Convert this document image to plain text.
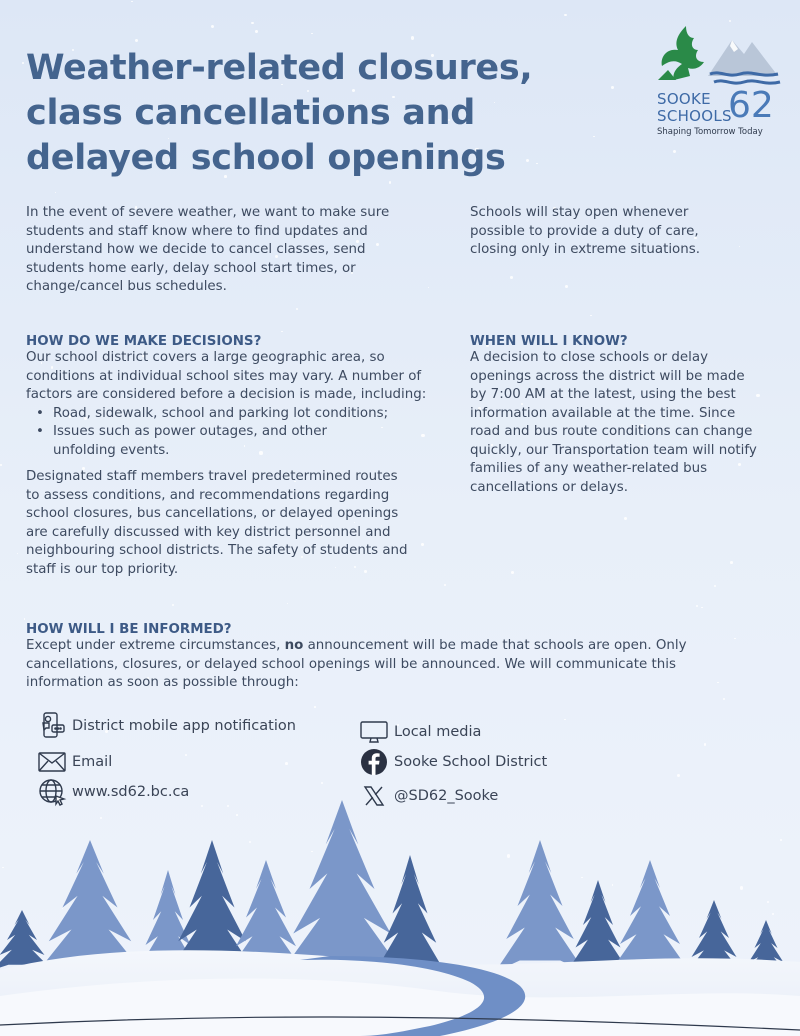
Weather-related closures, class cancellations and delayed school openings
SOOKE
SCHOOLS
62
Shaping Tomorrow Today

In the event of severe weather, we want to make sure students and staff know where to find updates and understand how we decide to cancel classes, send students home early, delay school start times, or change/cancel bus schedules.

Schools will stay open whenever possible to provide a duty of care, closing only in extreme situations.

HOW DO WE MAKE DECISIONS?

Our school district covers a large geographic area, so conditions at individual school sites may vary. A number of factors are considered before a decision is made, including:

• Road, sidewalk, school and parking lot conditions;
• Issues such as power outages, and other unfolding events.

Designated staff members travel predetermined routes to assess conditions, and recommendations regarding school closures, bus cancellations, or delayed openings are carefully discussed with key district personnel and neighbouring school districts. The safety of students and staff is our top priority.

WHEN WILL I KNOW?

A decision to close schools or delay openings across the district will be made by 7:00 AM at the latest, using the best information available at the time. Since road and bus route conditions can change quickly, our Transportation team will notify families of any weather-related bus cancellations or delays.

HOW WILL I BE INFORMED?

Except under extreme circumstances, no announcement will be made that schools are open. Only cancellations, closures, or delayed school openings will be announced. We will communicate this information as soon as possible through:

District mobile app notification	Local media
Email	Sooke School District
www.sd62.bc.ca	@SD62_Sooke
